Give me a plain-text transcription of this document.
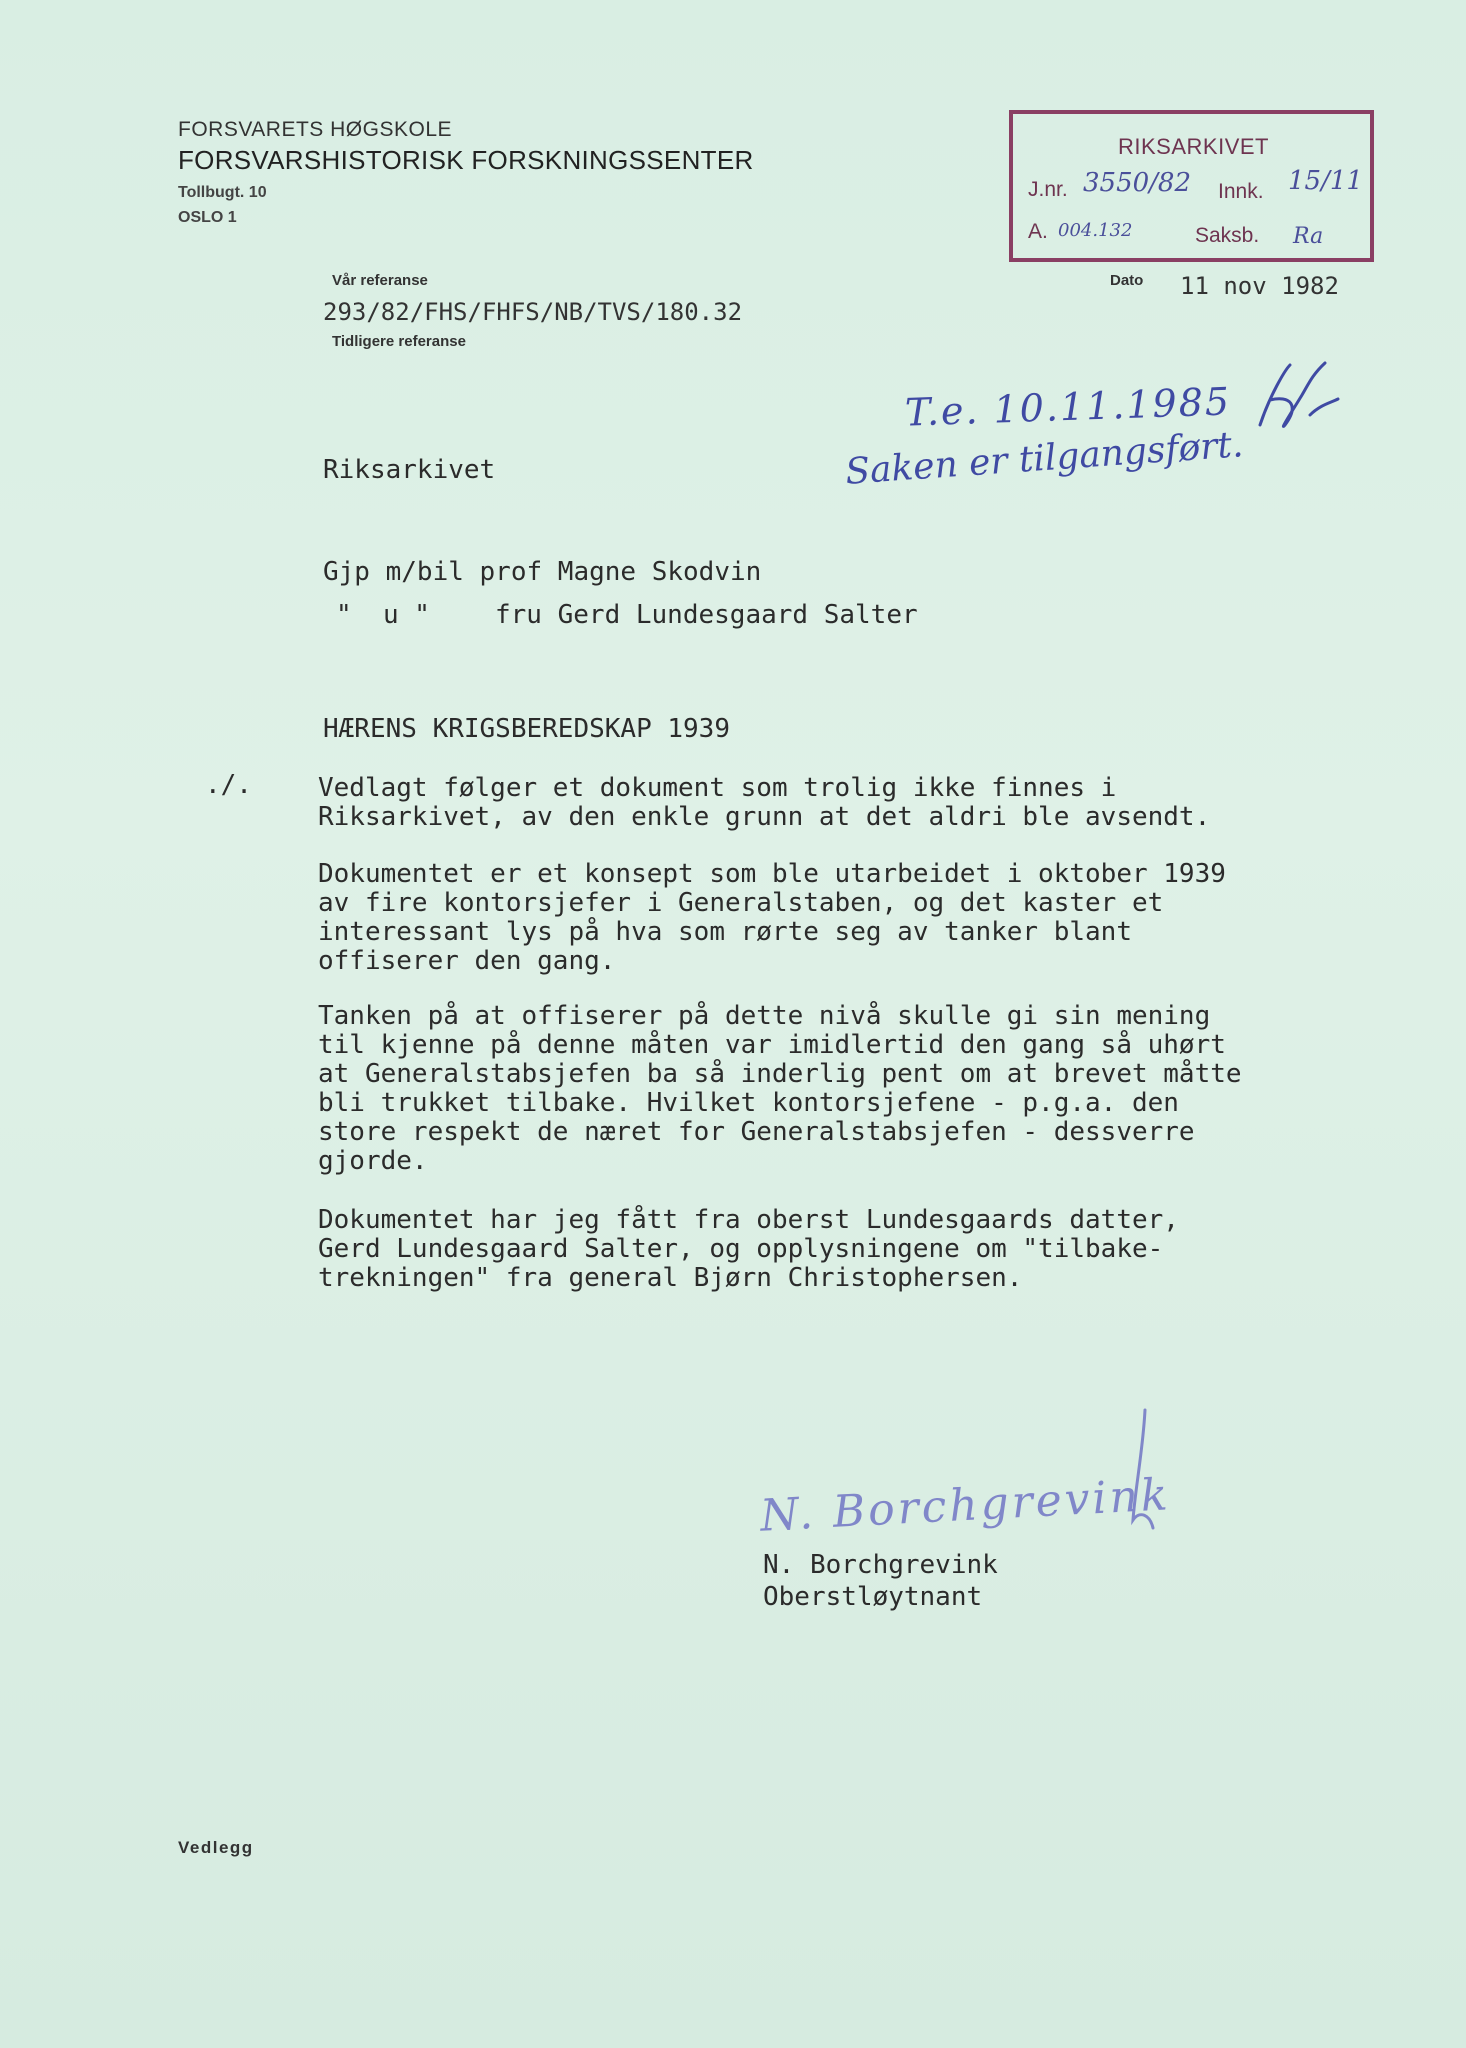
FORSVARETS HØGSKOLE
FORSVARSHISTORISK FORSKNINGSSENTER
Tollbugt. 10
OSLO 1
RIKSARKIVET
J.nr. 3550/82 Innk. 15/11
A. 004.132	Saksb. Ra
Vår referanse
293/82/FHS/FHFS/NB/TVS/180.32
Tidligere referanse
Dato 11 nov 1982
T.e. 10.11.1985
Saken er tilgangsført.
Riksarkivet
Gjp m/bil prof Magne Skodvin
"  u "	fru Gerd Lundesgaard Salter
HÆRENS KRIGSBEREDSKAP 1939
./.	Vedlagt følger et dokument som trolig ikke finnes i
Riksarkivet, av den enkle grunn at det aldri ble avsendt.
Dokumentet er et konsept som ble utarbeidet i oktober 1939
av fire kontorsjefer i Generalstaben, og det kaster et
interessant lys på hva som rørte seg av tanker blant
offiserer den gang.
Tanken på at offiserer på dette nivå skulle gi sin mening
til kjenne på denne måten var imidlertid den gang så uhørt
at Generalstabsjefen ba så inderlig pent om at brevet måtte
bli trukket tilbake. Hvilket kontorsjefene - p.g.a. den
store respekt de næret for Generalstabsjefen - dessverre
gjorde.
Dokumentet har jeg fått fra oberst Lundesgaards datter,
Gerd Lundesgaard Salter, og opplysningene om "tilbake-
trekningen" fra general Bjørn Christophersen.
N. Borchgrevink
N. Borchgrevink
Oberstløytnant
Vedlegg
